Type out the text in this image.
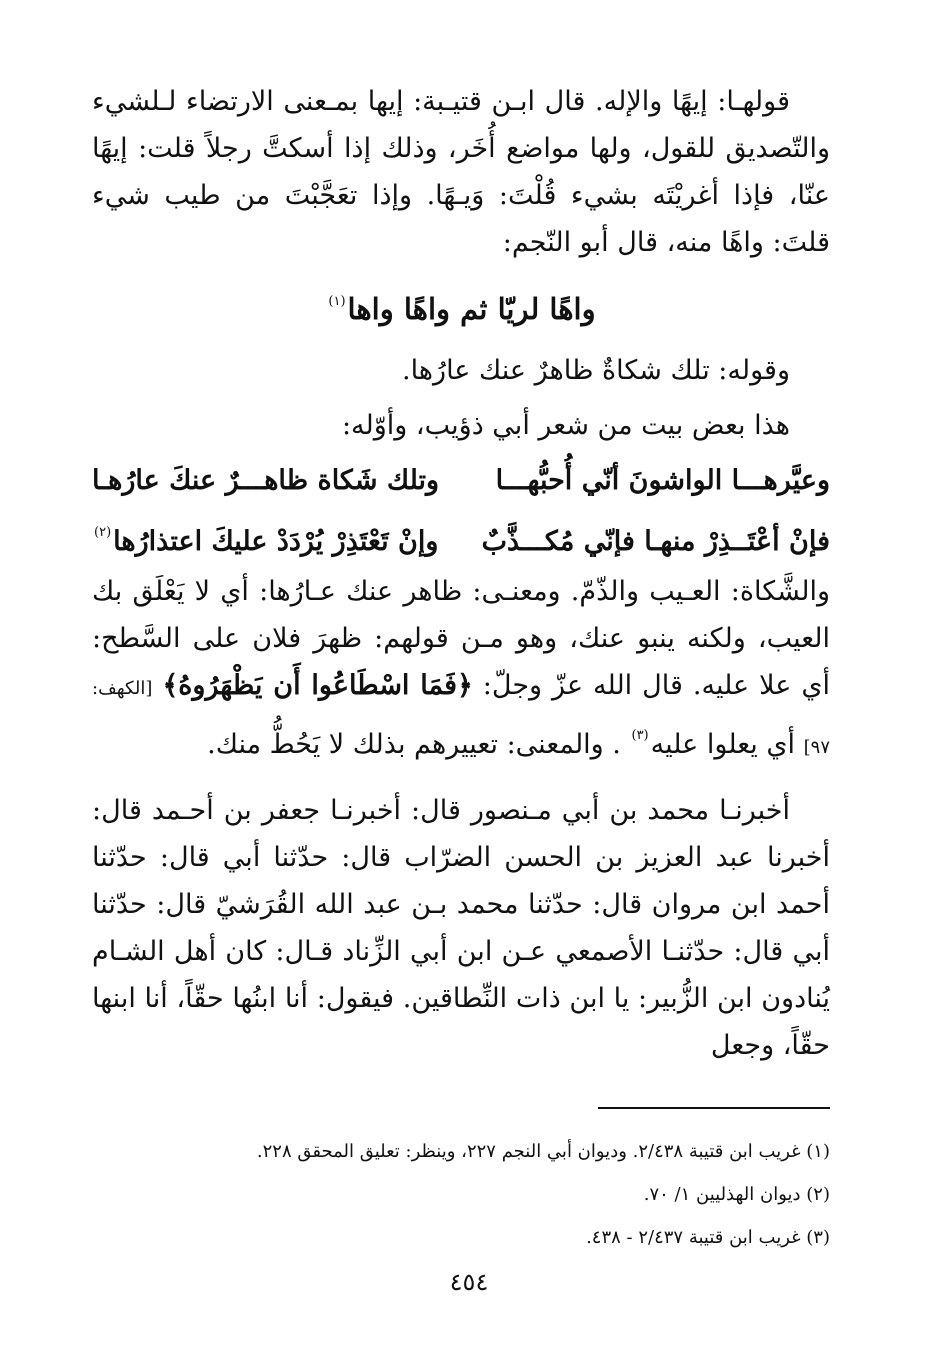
قولهـا: إيهًا والإله. قال ابـن قتيـبة: إيها بمـعنى الارتضاء لـلشيء والتّصديق للقول، ولها مواضع أُخَر، وذلك إذا أسكتَّ رجلاً قلت: إيهًا عنّا، فإذا أغريْتَه بشيء قُلْتَ: وَيـهًا. وإذا تعَجَّبْتَ من طيب شيء قلتَ: واهًا منه، قال أبو النّجم:

واهًا لريّا ثم واهًا واها$^{(١)}$

وقوله: تلك شكاةٌ ظاهرٌ عنك عارُها.

هذا بعض بيت من شعر أبي ذؤيب، وأوّله:

وعيَّرهـــا الواشونَ أنّي أُحبُّهـــا
وتلك شَكاة ظاهـــرٌ عنكَ عارُهـا
فإنْ أعْتَــذِرْ منهـا فإنّي مُكـــذَّبٌ
وإنْ تَعْتَذِرْ يُرْدَدْ عليكَ اعتذارُها$^{(٢)}$

والشَّكاة: العـيب والذّمّ. ومعنـى: ظاهر عنك عـارُها: أي لا يَعْلَق بك العيب، ولكنه ينبو عنك، وهو مـن قولهم: ظهرَ فلان على السَّطح: أي علا عليه. قال الله عزّ وجلّ: ﴿فَمَا اسْطَاعُوا أَن يَظْهَرُوهُ﴾ [الكهف: ٩٧] أي يعلوا عليه$^{(٣)}$ . والمعنى: تعييرهم بذلك لا يَحُطُّ منك.

أخبرنـا محمد بن أبي مـنصور قال: أخبرنـا جعفر بن أحـمد قال: أخبرنا عبد العزيز بن الحسن الضرّاب قال: حدّثنا أبي قال: حدّثنا أحمد ابن مروان قال: حدّثنا محمد بـن عبد الله القُرَشيّ قال: حدّثنا أبي قال: حدّثنـا الأصمعي عـن ابن أبي الزِّناد قـال: كان أهل الشـام يُنادون ابن الزُّبير: يا ابن ذات النِّطاقين. فيقول: أنا ابنُها حقّاً، أنا ابنها حقّاً، وجعل

(١) غريب ابن قتيبة ٢/٤٣٨. وديوان أبي النجم ٢٢٧، وينظر: تعليق المحقق ٢٢٨.

(٢) ديوان الهذليين ١/ ٧٠.

(٣) غريب ابن قتيبة ٢/٤٣٧ - ٤٣٨.

٤٥٤
